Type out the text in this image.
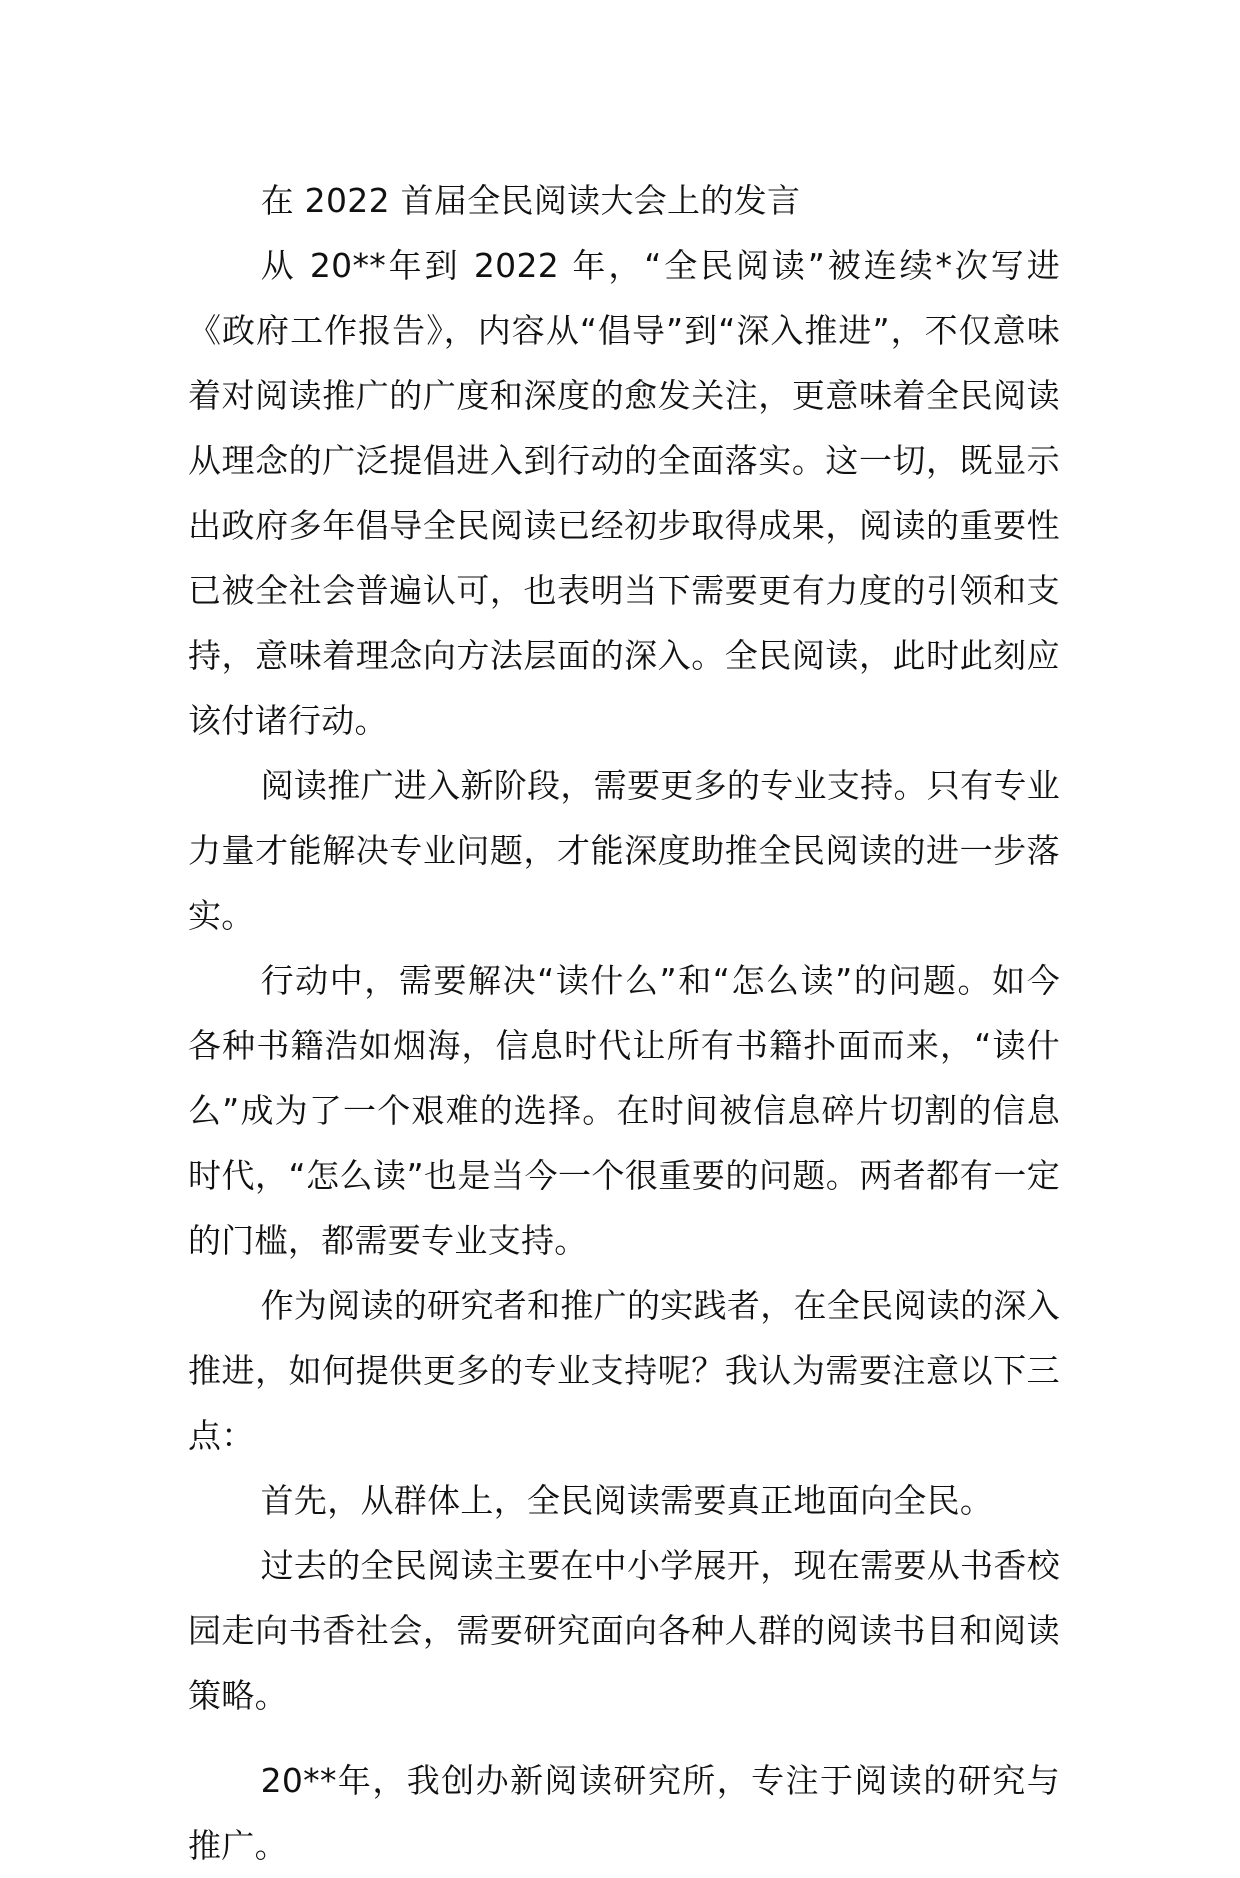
在 2022 首届全民阅读大会上的发言

从 20**年到 2022 年，“全民阅读”被连续*次写进《政府工作报告》，内容从“倡导”到“深入推进”，不仅意味着对阅读推广的广度和深度的愈发关注，更意味着全民阅读从理念的广泛提倡进入到行动的全面落实。这一切，既显示出政府多年倡导全民阅读已经初步取得成果，阅读的重要性已被全社会普遍认可，也表明当下需要更有力度的引领和支持，意味着理念向方法层面的深入。全民阅读，此时此刻应该付诸行动。

阅读推广进入新阶段，需要更多的专业支持。只有专业力量才能解决专业问题，才能深度助推全民阅读的进一步落实。

行动中，需要解决“读什么”和“怎么读”的问题。如今各种书籍浩如烟海，信息时代让所有书籍扑面而来，“读什么”成为了一个艰难的选择。在时间被信息碎片切割的信息时代，“怎么读”也是当今一个很重要的问题。两者都有一定的门槛，都需要专业支持。

作为阅读的研究者和推广的实践者，在全民阅读的深入推进，如何提供更多的专业支持呢？我认为需要注意以下三点：

首先，从群体上，全民阅读需要真正地面向全民。

过去的全民阅读主要在中小学展开，现在需要从书香校园走向书香社会，需要研究面向各种人群的阅读书目和阅读策略。

20**年，我创办新阅读研究所，专注于阅读的研究与推广。
